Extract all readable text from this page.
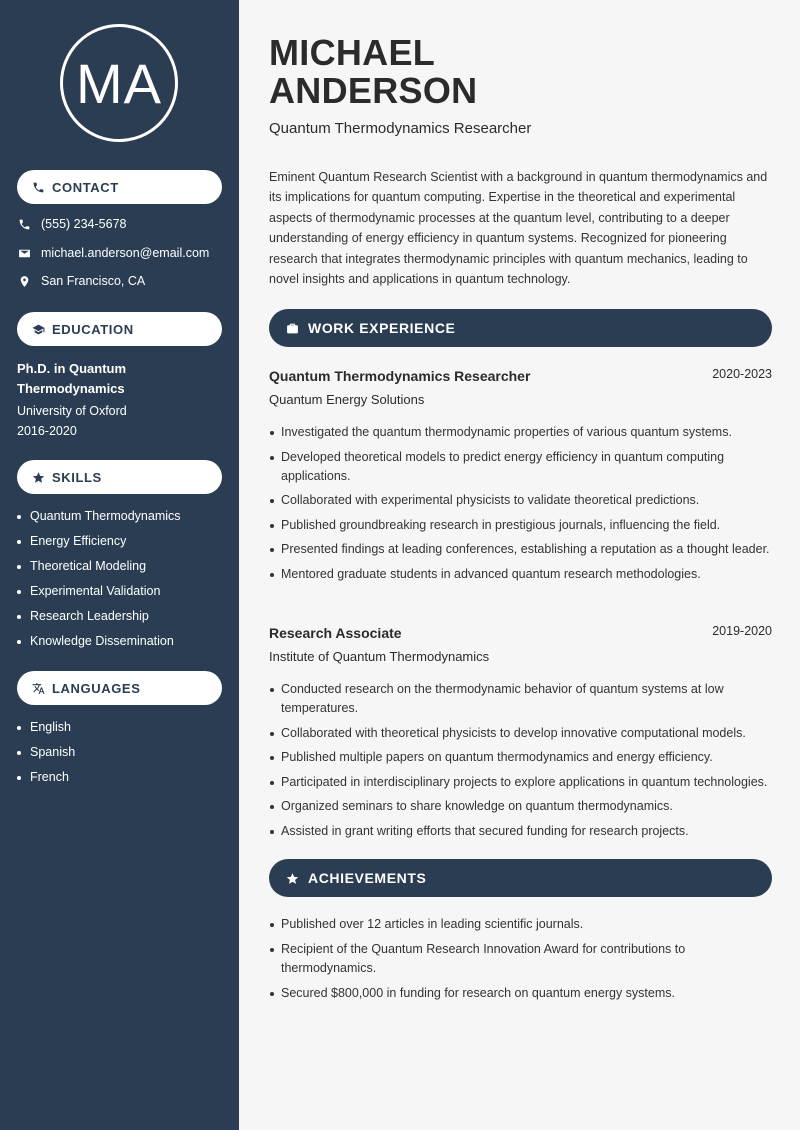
MA
CONTACT
(555) 234-5678
michael.anderson@email.com
San Francisco, CA
EDUCATION
Ph.D. in Quantum Thermodynamics
University of Oxford
2016-2020
SKILLS
Quantum Thermodynamics
Energy Efficiency
Theoretical Modeling
Experimental Validation
Research Leadership
Knowledge Dissemination
LANGUAGES
English
Spanish
French
MICHAEL
ANDERSON
Quantum Thermodynamics Researcher

Eminent Quantum Research Scientist with a background in quantum thermodynamics and its implications for quantum computing. Expertise in the theoretical and experimental aspects of thermodynamic processes at the quantum level, contributing to a deeper understanding of energy efficiency in quantum systems. Recognized for pioneering research that integrates thermodynamic principles with quantum mechanics, leading to novel insights and applications in quantum technology.

WORK EXPERIENCE
Quantum Thermodynamics Researcher	2020-2023
Quantum Energy Solutions
Investigated the quantum thermodynamic properties of various quantum systems.
Developed theoretical models to predict energy efficiency in quantum computing applications.
Collaborated with experimental physicists to validate theoretical predictions.
Published groundbreaking research in prestigious journals, influencing the field.
Presented findings at leading conferences, establishing a reputation as a thought leader.
Mentored graduate students in advanced quantum research methodologies.
Research Associate	2019-2020
Institute of Quantum Thermodynamics
Conducted research on the thermodynamic behavior of quantum systems at low temperatures.
Collaborated with theoretical physicists to develop innovative computational models.
Published multiple papers on quantum thermodynamics and energy efficiency.
Participated in interdisciplinary projects to explore applications in quantum technologies.
Organized seminars to share knowledge on quantum thermodynamics.
Assisted in grant writing efforts that secured funding for research projects.
ACHIEVEMENTS
Published over 12 articles in leading scientific journals.
Recipient of the Quantum Research Innovation Award for contributions to thermodynamics.
Secured $800,000 in funding for research on quantum energy systems.
